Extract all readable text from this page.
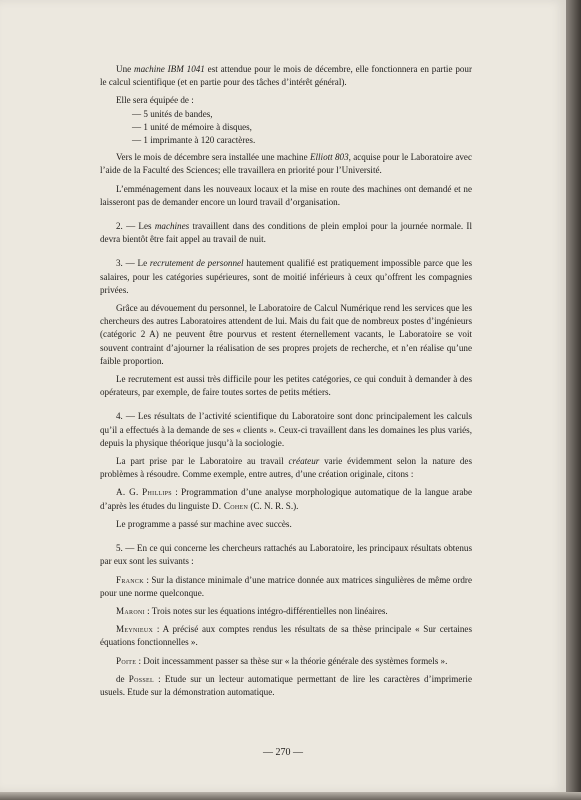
Une machine IBM 1041 est attendue pour le mois de décembre, elle fonctionnera en partie pour le calcul scientifique (et en partie pour des tâches d’intérêt général).

Elle sera équipée de :

— 5 unités de bandes,
— 1 unité de mémoire à disques,
— 1 imprimante à 120 caractères.

Vers le mois de décembre sera installée une machine Elliott 803, acquise pour le Laboratoire avec l’aide de la Faculté des Sciences; elle travaillera en priorité pour l’Université.

L’emménagement dans les nouveaux locaux et la mise en route des machines ont demandé et ne laisseront pas de demander encore un lourd travail d’organisation.

2. — Les machines travaillent dans des conditions de plein emploi pour la journée normale. Il devra bientôt être fait appel au travail de nuit.

3. — Le recrutement de personnel hautement qualifié est pratiquement impossible parce que les salaires, pour les catégories supérieures, sont de moitié inférieurs à ceux qu’offrent les compagnies privées.

Grâce au dévouement du personnel, le Laboratoire de Calcul Numérique rend les services que les chercheurs des autres Laboratoires attendent de lui. Mais du fait que de nombreux postes d’ingénieurs (catégoric 2 A) ne peuvent être pourvus et restent éternellement vacants, le Laboratoire se voit souvent contraint d’ajourner la réalisation de ses propres projets de recherche, et n’en réalise qu’une faible proportion.

Le recrutement est aussi très difficile pour les petites catégories, ce qui conduit à demander à des opérateurs, par exemple, de faire toutes sortes de petits métiers.

4. — Les résultats de l’activité scientifique du Laboratoire sont donc principalement les calculs qu’il a effectués à la demande de ses « clients ». Ceux-ci travaillent dans les domaines les plus variés, depuis la physique théorique jusqu’à la sociologie.

La part prise par le Laboratoire au travail créateur varie évidemment selon la nature des problèmes à résoudre. Comme exemple, entre autres, d’une création originale, citons :

A. G. Phillips : Programmation d’une analyse morphologique automatique de la langue arabe d’après les études du linguiste D. Cohen (C. N. R. S.).

Le programme a passé sur machine avec succès.

5. — En ce qui concerne les chercheurs rattachés au Laboratoire, les principaux résultats obtenus par eux sont les suivants :

Franck : Sur la distance minimale d’une matrice donnée aux matrices singulières de même ordre pour une norme quelconque.

Maroni : Trois notes sur les équations intégro-différentielles non linéaires.

Meynieux : A précisé aux comptes rendus les résultats de sa thèse principale « Sur certaines équations fonctionnelles ».

Poite : Doit incessamment passer sa thèse sur « la théorie générale des systèmes formels ».

de Possel : Etude sur un lecteur automatique permettant de lire les caractères d’imprimerie usuels. Etude sur la démonstration automatique.

— 270 —
